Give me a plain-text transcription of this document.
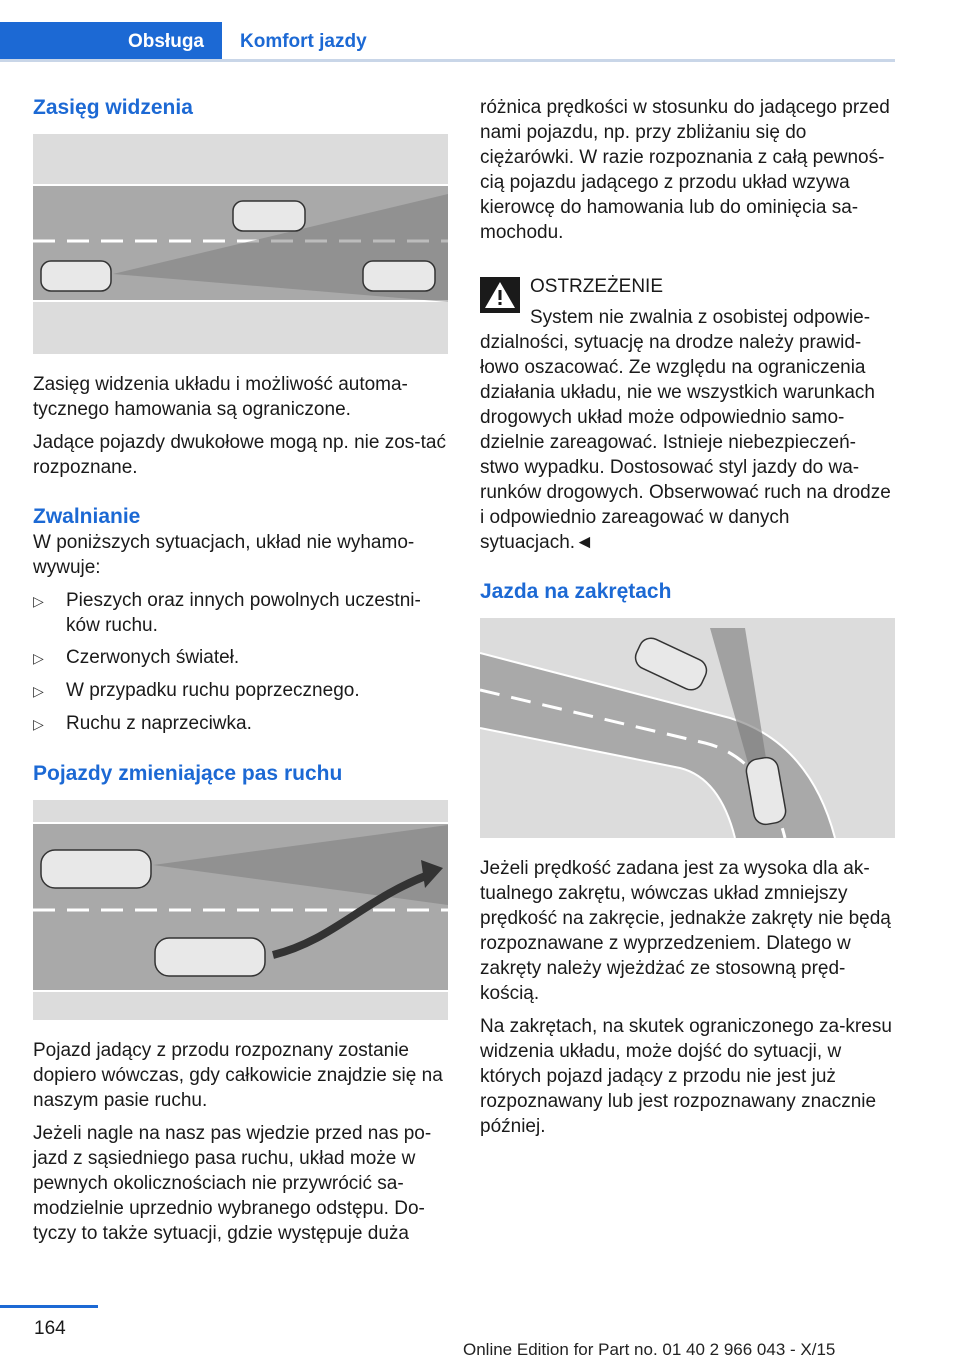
Obsługa	Komfort jazdy
Zasięg widzenia

Zasięg widzenia układu i możliwość automa-tycznego hamowania są ograniczone.

Jadące pojazdy dwukołowe mogą np. nie zos-tać rozpoznane.

Zwalnianie

W poniższych sytuacjach, układ nie wyhamo-wywuje:

▷	Pieszych oraz innych powolnych uczestni-ków ruchu.
▷	Czerwonych świateł.
▷	W przypadku ruchu poprzecznego.
▷	Ruchu z naprzeciwka.
Pojazdy zmieniające pas ruchu

Pojazd jadący z przodu rozpoznany zostanie dopiero wówczas, gdy całkowicie znajdzie się na naszym pasie ruchu.

Jeżeli nagle na nasz pas wjedzie przed nas po-jazd z sąsiedniego pasa ruchu, układ może w pewnych okolicznościach nie przywrócić sa-modzielnie uprzednio wybranego odstępu. Do-tyczy to także sytuacji, gdzie występuje duża

różnica prędkości w stosunku do jadącego przed nami pojazdu, np. przy zbliżaniu się do ciężarówki. W razie rozpoznania z całą pewnoś-cią pojazdu jadącego z przodu układ wzywa kierowcę do hamowania lub do ominięcia sa-mochodu.

OSTRZEŻENIE

System nie zwalnia z osobistej odpowie-dzialności, sytuację na drodze należy prawid-łowo oszacować. Ze względu na ograniczenia działania układu, nie we wszystkich warunkach drogowych układ może odpowiednio samo-dzielnie zareagować. Istnieje niebezpieczeń-stwo wypadku. Dostosować styl jazdy do wa-runków drogowych. Obserwować ruch na drodze i odpowiednio zareagować w danych sytuacjach.◄

Jazda na zakrętach

Jeżeli prędkość zadana jest za wysoka dla ak-tualnego zakrętu, wówczas układ zmniejszy prędkość na zakręcie, jednakże zakręty nie będą rozpoznawane z wyprzedzeniem. Dlatego w zakręty należy wjeżdżać ze stosowną pręd-kością.

Na zakrętach, na skutek ograniczonego za-kresu widzenia układu, może dojść do sytuacji, w których pojazd jadący z przodu nie jest już rozpoznawany lub jest rozpoznawany znacznie później.

164
Online Edition for Part no. 01 40 2 966 043 - X/15
